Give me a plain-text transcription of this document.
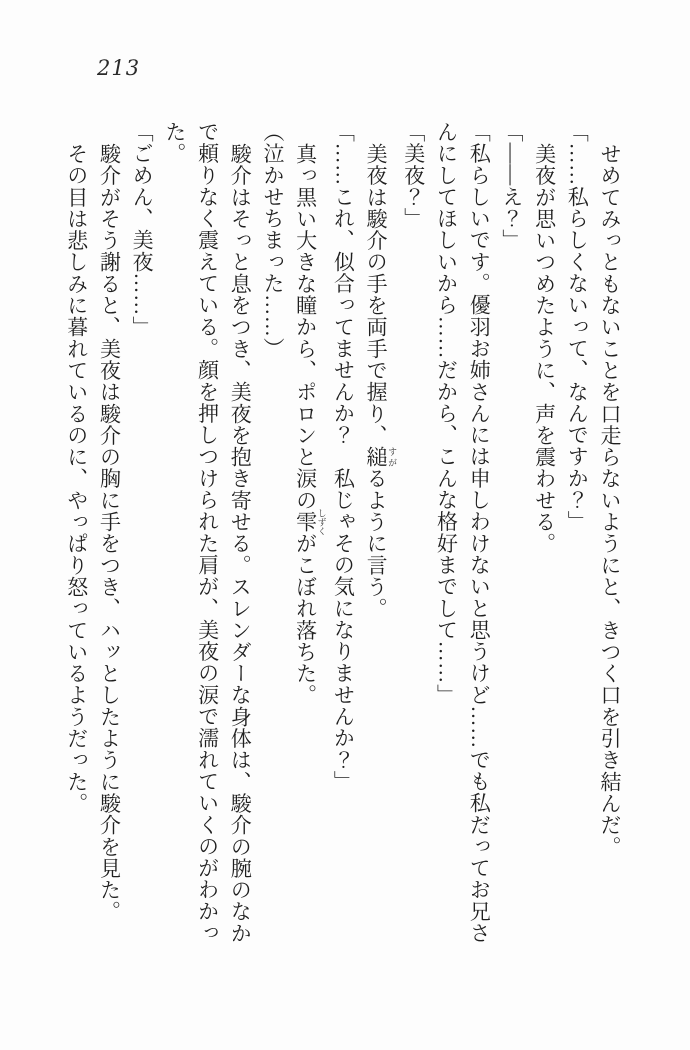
213

せめてみっともないことを口走らないようにと、きつく口を引き結んだ。

「……私らしくないって、なんですか？」

美夜が思いつめたように、声を震わせる。

「——え？」

「私らしいです。優羽お姉さんには申しわけないと思うけど……でも私だってお兄さんにしてほしいから……だから、こんな格好までして……」

「美夜？」

美夜は駿介の手を両手で握り、縋 すがるように言う。

「……これ、似合ってませんか？　私じゃその気になりませんか？」

真っ黒い大きな瞳から、ポロンと涙の雫 しずくがこぼれ落ちた。

（泣かせちまった……）

駿介はそっと息をつき、美夜を抱き寄せる。スレンダーな身体は、駿介の腕のなかで頼りなく震えている。顔を押しつけられた肩が、美夜の涙で濡れていくのがわかった。

「ごめん、美夜……」

駿介がそう謝ると、美夜は駿介の胸に手をつき、ハッとしたように駿介を見た。

その目は悲しみに暮れているのに、やっぱり怒っているようだった。
